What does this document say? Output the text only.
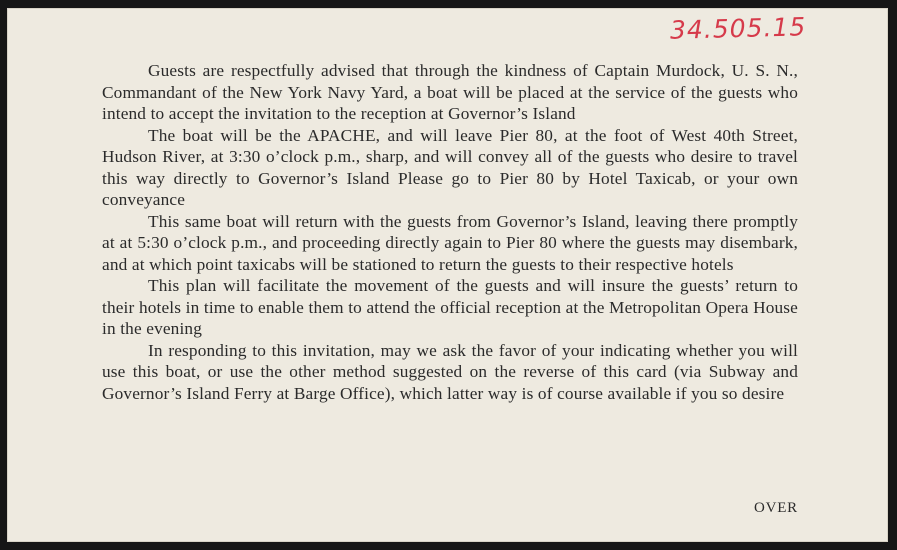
34.505.15

Guests are respectfully advised that through the kindness of Captain Murdock, U. S. N., Commandant of the New York Navy Yard, a boat will be placed at the service of the guests who intend to accept the invitation to the reception at Governor’s Island

The boat will be the APACHE, and will leave Pier 80, at the foot of West 40th Street, Hudson River, at 3:30 o’clock p.m., sharp, and will convey all of the guests who desire to travel this way directly to Governor’s Island Please go to Pier 80 by Hotel Taxicab, or your own conveyance

This same boat will return with the guests from Governor’s Island, leaving there promptly at at 5:30 o’clock p.m., and proceeding directly again to Pier 80 where the guests may disembark, and at which point taxicabs will be stationed to return the guests to their respective hotels

This plan will facilitate the movement of the guests and will insure the guests’ return to their hotels in time to enable them to attend the official reception at the Metropolitan Opera House in the evening

In responding to this invitation, may we ask the favor of your indicating whether you will use this boat, or use the other method suggested on the reverse of this card (via Subway and Governor’s Island Ferry at Barge Office), which latter way is of course available if you so desire

OVER
